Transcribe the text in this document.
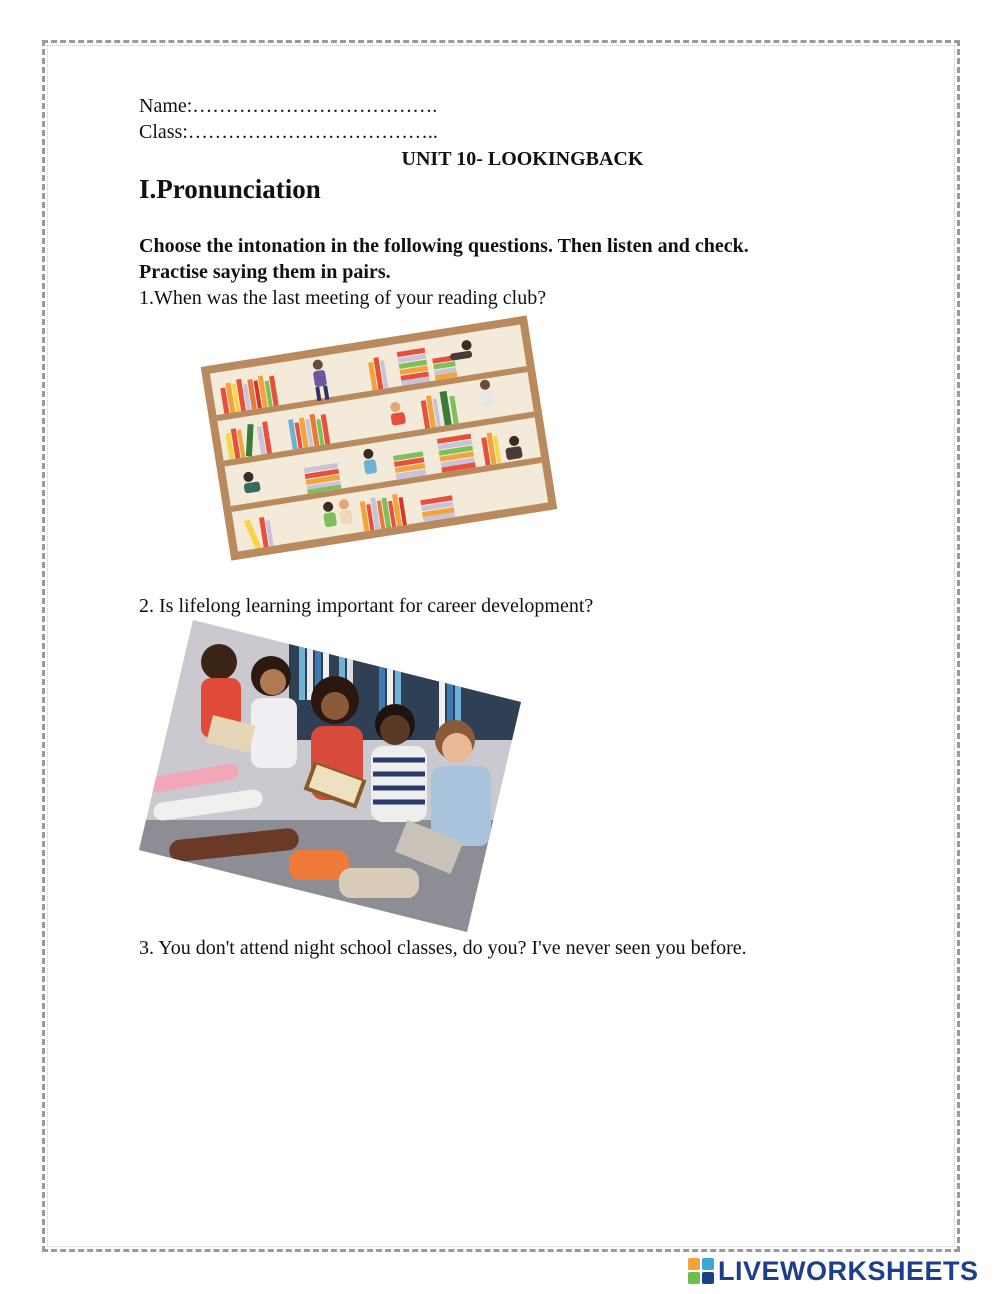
Name:……………………………….
Class:………………………………..
UNIT 10- LOOKINGBACK
I.Pronunciation
Choose the intonation in the following questions. Then listen and check.
Practise saying them in pairs.
1.When was the last meeting of your reading club?
2. Is lifelong learning important for career development?
3. You don't attend night school classes, do you? I've never seen you before.
LIVEWORKSHEETS
